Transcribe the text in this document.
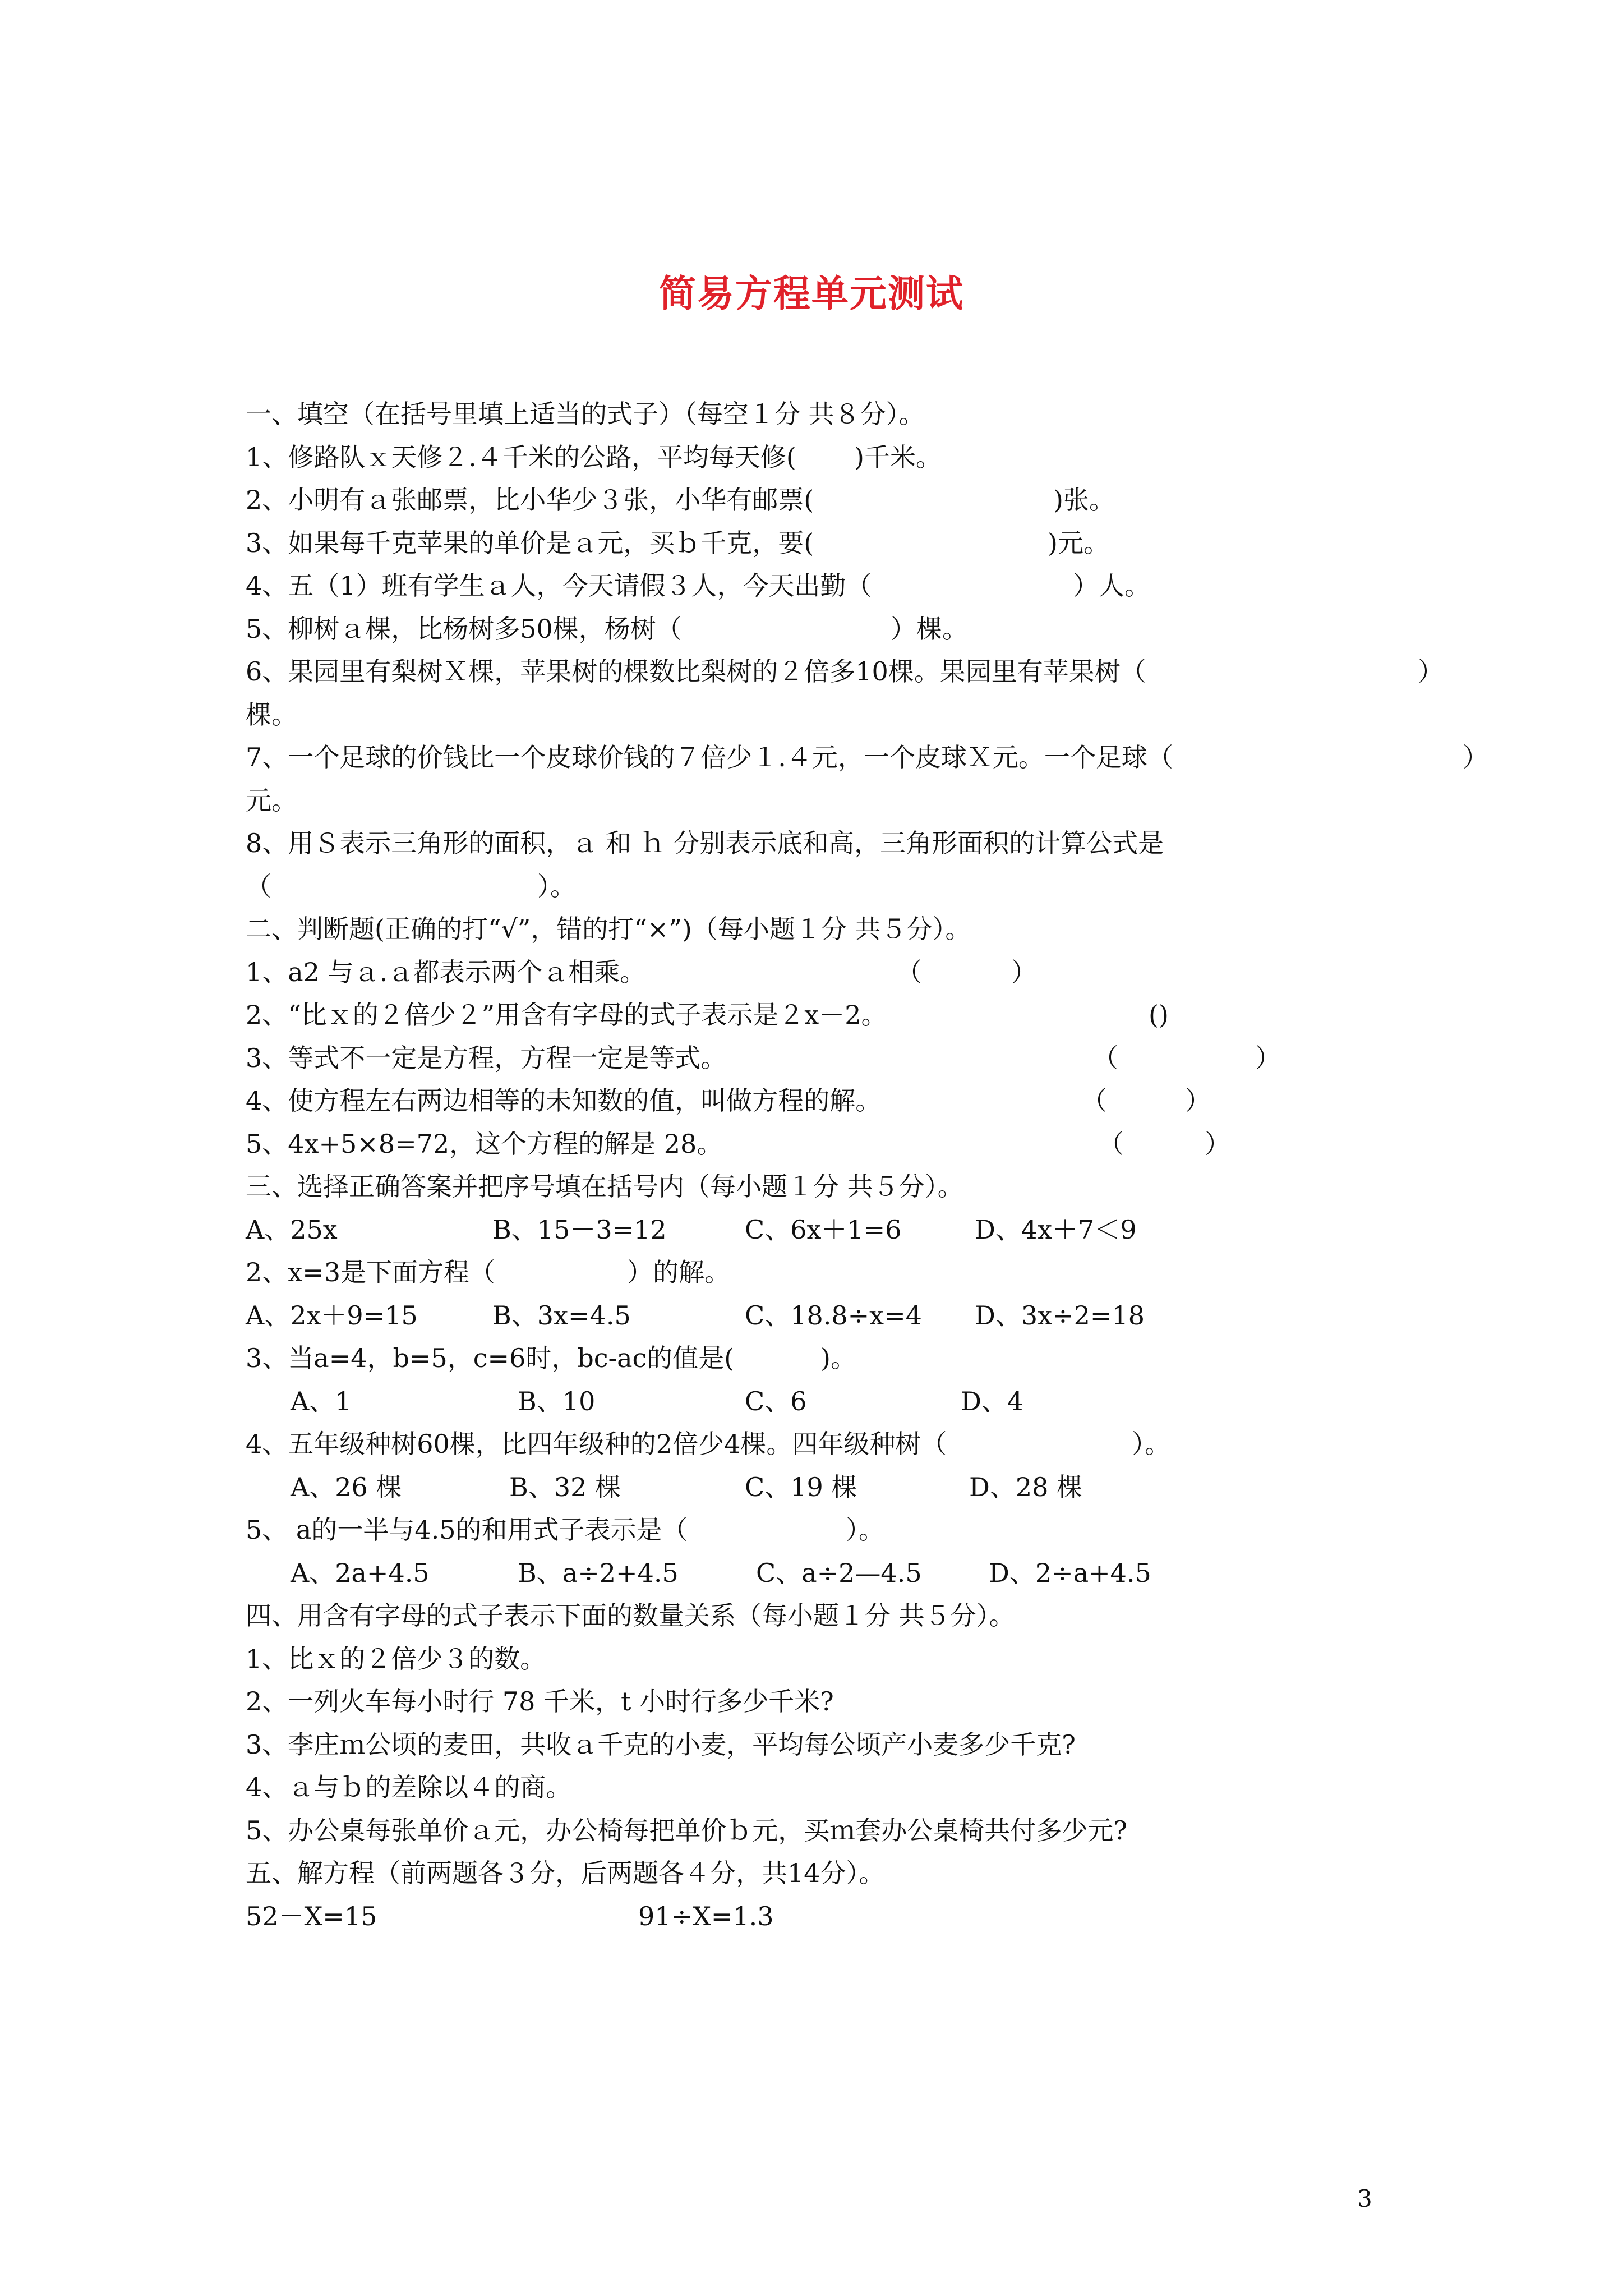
简易方程单元测试
一、填空（在括号里填上适当的式子）（每空１分 共８分）。
1、修路队ｘ天修２.４千米的公路，平均每天修( )千米。
2、小明有ａ张邮票，比小华少３张，小华有邮票(	)张。
3、如果每千克苹果的单价是ａ元，买ｂ千克，要(	)元。
4、五（1）班有学生ａ人，今天请假３人，今天出勤（	）人。
5、柳树ａ棵，比杨树多50棵，杨树（	）棵。
6、果园里有梨树Ｘ棵，苹果树的棵数比梨树的２倍多10棵。果园里有苹果树（	）
棵。
7、一个足球的价钱比一个皮球价钱的７倍少１.４元，一个皮球Ｘ元。一个足球（	）
元。
8、用Ｓ表示三角形的面积，ａ 和 ｈ 分别表示底和高，三角形面积的计算公式是
（	）。
二、判断题(正确的打“√”，错的打“×”)（每小题１分 共５分）。
1、a2 与ａ.ａ都表示两个ａ相乘。	（	）
2、“比ｘ的２倍少２”用含有字母的式子表示是２x－2。	()
3、等式不一定是方程，方程一定是等式。	（	）
4、使方程左右两边相等的未知数的值，叫做方程的解。	（	）
5、4x+5×8=72，这个方程的解是 28。	（	）
三、选择正确答案并把序号填在括号内（每小题１分 共５分）。
A、25x	B、15－3=12	C、6x＋1=6	D、4x＋7＜9
2、x=3是下面方程（	）的解。
A、2x＋9=15	B、3x=4.5	C、18.8÷x=4 D、3x÷2=18
3、当a=4，b=5，c=6时，bc-ac的值是(	)。
A、1	B、10	C、6	D、4
4、五年级种树60棵，比四年级种的2倍少4棵。四年级种树（	）。
A、26 棵	B、32 棵	C、19 棵	D、28 棵
5、 a的一半与4.5的和用式子表示是（	）。
A、2a+4.5	B、a÷2+4.5	C、a÷2—4.5	D、2÷a+4.5
四、用含有字母的式子表示下面的数量关系（每小题１分 共５分）。
1、比ｘ的２倍少３的数。
2、一列火车每小时行 78 千米，t 小时行多少千米?
3、李庄ｍ公顷的麦田，共收ａ千克的小麦，平均每公顷产小麦多少千克?
4、ａ与ｂ的差除以４的商。
5、办公桌每张单价ａ元，办公椅每把单价ｂ元，买ｍ套办公桌椅共付多少元?
五、解方程（前两题各３分，后两题各４分，共14分）。
52－X=15	91÷X=1.3
3
